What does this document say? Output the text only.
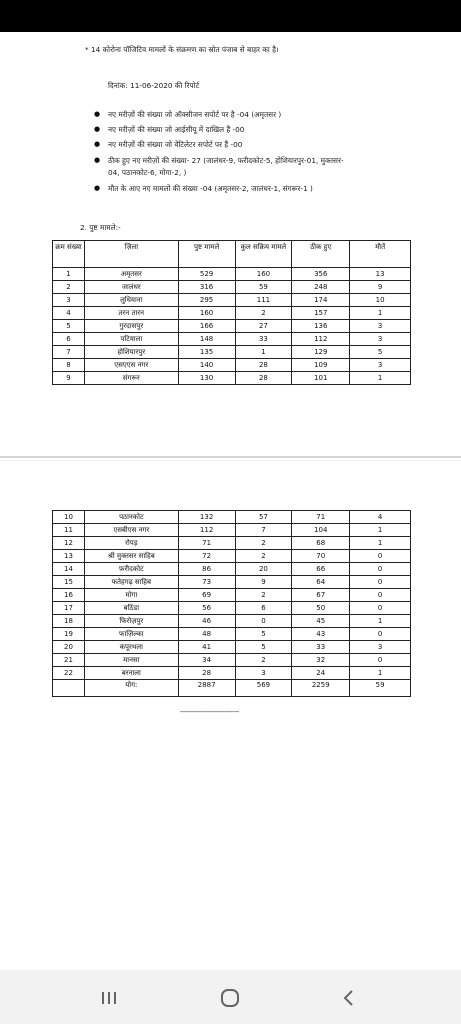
* 14 कोरोना पॉजिटिव मामलों के संक्रमण का स्रोत पंजाब से बाहर का है।
दिनांक: 11-06-2020 की रिपोर्ट
● नए मरीज़ों की संख्या जो ऑक्सीजन सपोर्ट पर है -04 (अमृतसर )
● नए मरीज़ों की संख्या जो आईसीयू में दाखिल हैं -00
● नए मरीज़ों की संख्या जो वेंटिलेटर सपोर्ट पर हैं -00
● ठीक हुए नए मरीज़ों की संख्या- 27 (जालंधर-9, फरीदकोट-5, होशियारपुर-01, मुक्तसर-
04, पठानकोट-6, मोगा-2, )
● मौत के आए नए मामलों की संख्या -04 (अमृतसर-2, जालंधर-1, संगरूर-1 )
2. पुष्ट मामले:-
क्रम संख्या	ज़िला	पुष्ट मामले	कुल सक्रिय मामले	ठीक हुए	मौतें
1	अमृतसर	529	160	356	13
2	जालंधर	316	59	248	9
3	लुधियाना	295	111	174	10
4	तरन तारन	160	2	157	1
5	गुरदासपुर	166	27	136	3
6	पटियाला	148	33	112	3
7	होशियारपुर	135	1	129	5
8	एसएएस नगर	140	28	109	3
9	संगरूर	130	28	101	1
10	पठानकोट	132	57	71	4
11	एसबीएस नगर	112	7	104	1
12	रोपड़	71	2	68	1
13	श्री मुक्तसर साहिब	72	2	70	0
14	फ़रीदकोट	86	20	66	0
15	फतेहगढ़ साहिब	73	9	64	0
16	मोगा	69	2	67	0
17	बठिंडा	56	6	50	0
18	फिरोज़पुर	46	0	45	1
19	फाज़िल्का	48	5	43	0
20	कपूरथला	41	5	33	3
21	मानसा	34	2	32	0
22	बरनाला	28	3	24	1
	योग:	2887	569	2259	59
-----------------------------
